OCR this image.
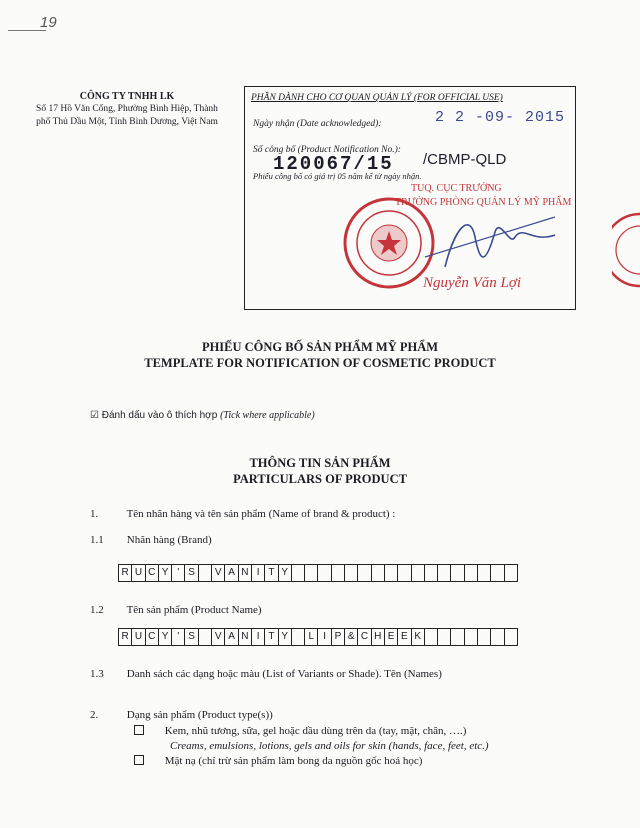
19
CÔNG TY TNHH LK
Số 17 Hồ Văn Cống, Phường Bình Hiệp, Thành
phố Thủ Dầu Một, Tỉnh Bình Dương, Việt Nam
PHẦN DÀNH CHO CƠ QUAN QUẢN LÝ (FOR OFFICIAL USE)
Ngày nhận (Date acknowledged):	2 2 -09- 2015
Số công bố (Product Notification No.):
120067/15 /CBMP-QLD
Phiếu công bố có giá trị 05 năm kể từ ngày nhận.
TUQ. CỤC TRƯỞNG
TRƯỞNG PHÒNG QUẢN LÝ MỸ PHẨM
Nguyễn Văn Lợi
PHIẾU CÔNG BỐ SẢN PHẨM MỸ PHẨM
TEMPLATE FOR NOTIFICATION OF COSMETIC PRODUCT
☑ Đánh dấu vào ô thích hợp (Tick where applicable)
THÔNG TIN SẢN PHẨM
PARTICULARS OF PRODUCT
1.	Tên nhãn hàng và tên sản phẩm (Name of brand & product) :
1.1 Nhãn hàng (Brand)
R U C Y ' S	V A N I T Y
1.2 Tên sản phẩm (Product Name)
R U C Y ' S	V A N I T Y	L I P & C H E E K
1.3 Danh sách các dạng hoặc màu (List of Variants or Shade). Tên (Names)
2.	Dạng sản phẩm (Product type(s))
Kem, nhũ tương, sữa, gel hoặc dầu dùng trên da (tay, mặt, chân, ….)
Creams, emulsions, lotions, gels and oils for skin (hands, face, feet, etc.)
Mặt nạ (chỉ trừ sản phẩm làm bong da nguồn gốc hoá học)
